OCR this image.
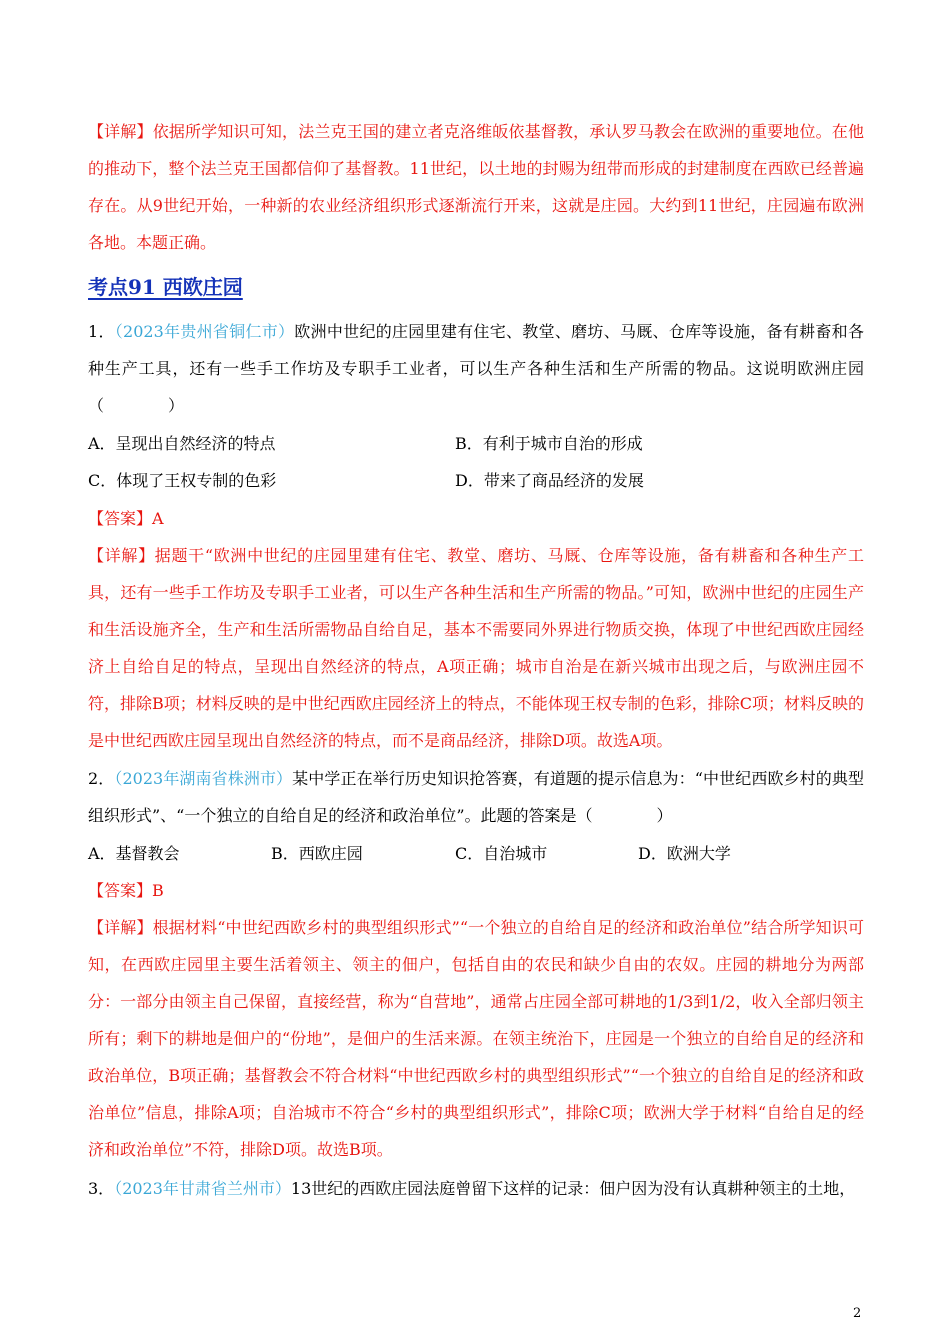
【详解】依据所学知识可知，法兰克王国的建立者克洛维皈依基督教，承认罗马教会在欧洲的重要地位。在他的推动下，整个法兰克王国都信仰了基督教。11世纪，以土地的封赐为纽带而形成的封建制度在西欧已经普遍存在。从9世纪开始，一种新的农业经济组织形式逐渐流行开来，这就是庄园。大约到11世纪，庄园遍布欧洲各地。本题正确。
考点91 西欧庄园
1．（2023年贵州省铜仁市）欧洲中世纪的庄园里建有住宅、教堂、磨坊、马厩、仓库等设施，备有耕畜和各种生产工具，还有一些手工作坊及专职手工业者，可以生产各种生活和生产所需的物品。这说明欧洲庄园（　　　　）
A．呈现出自然经济的特点	B．有利于城市自治的形成
C．体现了王权专制的色彩	D．带来了商品经济的发展
【答案】A
【详解】据题干“欧洲中世纪的庄园里建有住宅、教堂、磨坊、马厩、仓库等设施，备有耕畜和各种生产工具，还有一些手工作坊及专职手工业者，可以生产各种生活和生产所需的物品。”可知，欧洲中世纪的庄园生产和生活设施齐全，生产和生活所需物品自给自足，基本不需要同外界进行物质交换，体现了中世纪西欧庄园经济上自给自足的特点，呈现出自然经济的特点，A项正确；城市自治是在新兴城市出现之后，与欧洲庄园不符，排除B项；材料反映的是中世纪西欧庄园经济上的特点，不能体现王权专制的色彩，排除C项；材料反映的是中世纪西欧庄园呈现出自然经济的特点，而不是商品经济，排除D项。故选A项。
2．（2023年湖南省株洲市）某中学正在举行历史知识抢答赛，有道题的提示信息为：“中世纪西欧乡村的典型组织形式”、“一个独立的自给自足的经济和政治单位”。此题的答案是（　　　　）
A．基督教会	B．西欧庄园	C．自治城市	D．欧洲大学
【答案】B
【详解】根据材料“中世纪西欧乡村的典型组织形式”“一个独立的自给自足的经济和政治单位”结合所学知识可知，在西欧庄园里主要生活着领主、领主的佃户，包括自由的农民和缺少自由的农奴。庄园的耕地分为两部分：一部分由领主自己保留，直接经营，称为“自营地”，通常占庄园全部可耕地的1/3到1/2，收入全部归领主所有；剩下的耕地是佃户的“份地”，是佃户的生活来源。在领主统治下，庄园是一个独立的自给自足的经济和政治单位，B项正确；基督教会不符合材料“中世纪西欧乡村的典型组织形式”“一个独立的自给自足的经济和政治单位”信息，排除A项；自治城市不符合“乡村的典型组织形式”，排除C项；欧洲大学于材料“自给自足的经济和政治单位”不符，排除D项。故选B项。
3．（2023年甘肃省兰州市）13世纪的西欧庄园法庭曾留下这样的记录：佃户因为没有认真耕种领主的土地，
2
